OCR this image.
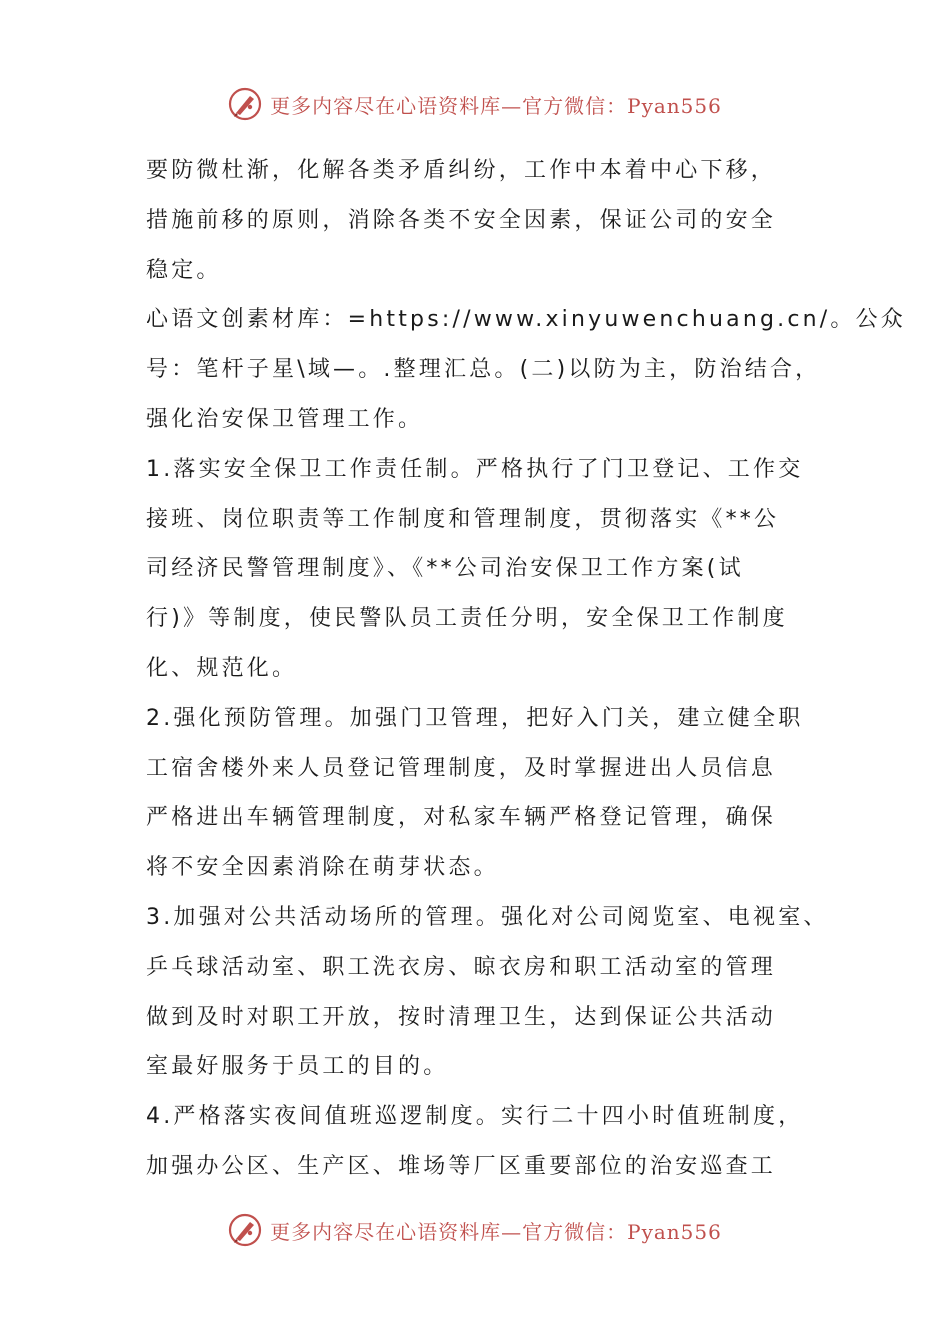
更多内容尽在心语资料库—官方微信：Pyan556
要防微杜渐，化解各类矛盾纠纷，工作中本着中心下移，
措施前移的原则，消除各类不安全因素，保证公司的安全
稳定。
心语文创素材库：=https://www.xinyuwenchuang.cn/。公众
号：笔杆子星\域—。.整理汇总。(二)以防为主，防治结合，
强化治安保卫管理工作。
1.落实安全保卫工作责任制。严格执行了门卫登记、工作交
接班、岗位职责等工作制度和管理制度，贯彻落实《**公
司经济民警管理制度》、《**公司治安保卫工作方案(试
行)》等制度，使民警队员工责任分明，安全保卫工作制度
化、规范化。
2.强化预防管理。加强门卫管理，把好入门关，建立健全职
工宿舍楼外来人员登记管理制度，及时掌握进出人员信息
严格进出车辆管理制度，对私家车辆严格登记管理，确保
将不安全因素消除在萌芽状态。
3.加强对公共活动场所的管理。强化对公司阅览室、电视室、
乒乓球活动室、职工洗衣房、晾衣房和职工活动室的管理
做到及时对职工开放，按时清理卫生，达到保证公共活动
室最好服务于员工的目的。
4.严格落实夜间值班巡逻制度。实行二十四小时值班制度，
加强办公区、生产区、堆场等厂区重要部位的治安巡查工
更多内容尽在心语资料库—官方微信：Pyan556
